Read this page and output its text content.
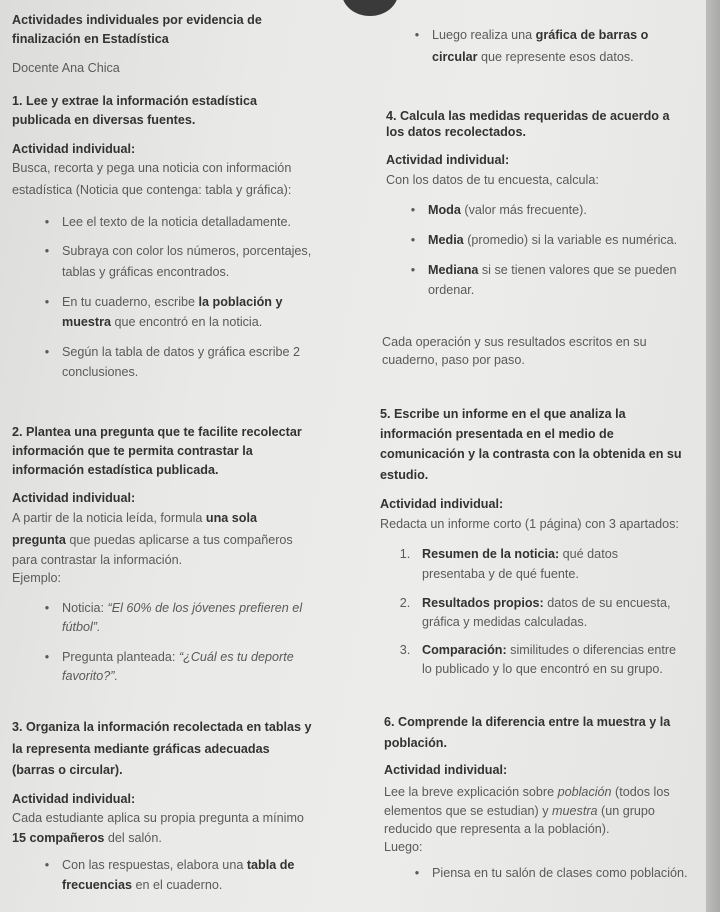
Actividades individuales por evidencia de
finalización en Estadística
Docente Ana Chica
1. Lee y extrae la información estadística
publicada en diversas fuentes.
Actividad individual:
Busca, recorta y pega una noticia con información
estadística (Noticia que contenga: tabla y gráfica):
•	Lee el texto de la noticia detalladamente.
•	Subraya con color los números, porcentajes,
tablas y gráficas encontrados.
•	En tu cuaderno, escribe la población y
muestra que encontró en la noticia.
•	Según la tabla de datos y gráfica escribe 2
conclusiones.
2. Plantea una pregunta que te facilite recolectar
información que te permita contrastar la
información estadística publicada.
Actividad individual:
A partir de la noticia leída, formula una sola
pregunta que puedas aplicarse a tus compañeros
para contrastar la información.
Ejemplo:
•	Noticia: “El 60% de los jóvenes prefieren el
fútbol”.
•	Pregunta planteada: “¿Cuál es tu deporte
favorito?”.
3. Organiza la información recolectada en tablas y
la representa mediante gráficas adecuadas
(barras o circular).
Actividad individual:
Cada estudiante aplica su propia pregunta a mínimo
15 compañeros del salón.
•	Con las respuestas, elabora una tabla de
frecuencias en el cuaderno.
•	Luego realiza una gráfica de barras o
circular que represente esos datos.
4. Calcula las medidas requeridas de acuerdo a
los datos recolectados.
Actividad individual:
Con los datos de tu encuesta, calcula:
•	Moda (valor más frecuente).
•	Media (promedio) si la variable es numérica.
•	Mediana si se tienen valores que se pueden
ordenar.
Cada operación y sus resultados escritos en su
cuaderno, paso por paso.
5. Escribe un informe en el que analiza la
información presentada en el medio de
comunicación y la contrasta con la obtenida en su
estudio.
Actividad individual:
Redacta un informe corto (1 página) con 3 apartados:
1. Resumen de la noticia: qué datos
presentaba y de qué fuente.
2. Resultados propios: datos de su encuesta,
gráfica y medidas calculadas.
3. Comparación: similitudes o diferencias entre
lo publicado y lo que encontró en su grupo.
6. Comprende la diferencia entre la muestra y la
población.
Actividad individual:
Lee la breve explicación sobre población (todos los
elementos que se estudian) y muestra (un grupo
reducido que representa a la población).
Luego:
•	Piensa en tu salón de clases como población.
